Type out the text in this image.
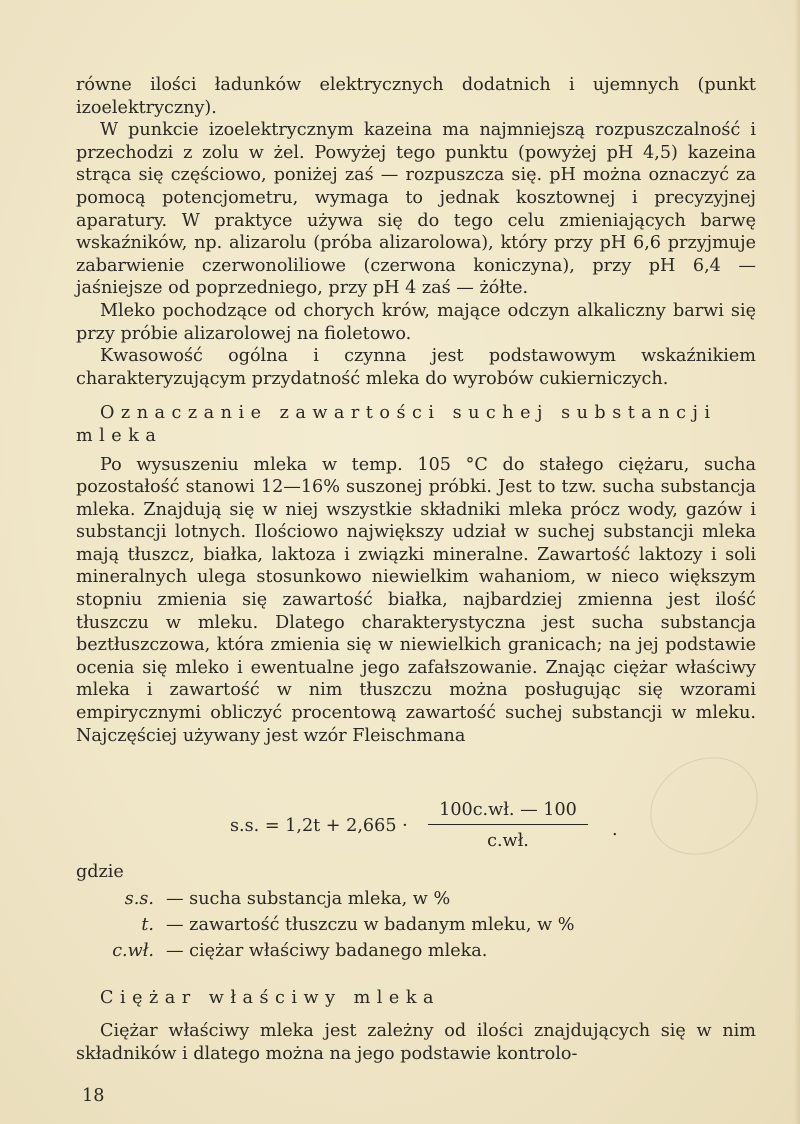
równe ilości ładunków elektrycznych dodatnich i ujemnych (punkt izoelektryczny).

W punkcie izoelektrycznym kazeina ma najmniejszą rozpuszczalność i przechodzi z zolu w żel. Powyżej tego punktu (powyżej pH 4,5) kazeina strąca się częściowo, poniżej zaś — rozpuszcza się. pH można oznaczyć za pomocą potencjometru, wymaga to jednak kosztownej i precyzyjnej aparatury. W praktyce używa się do tego celu zmieniających barwę wskaźników, np. alizarolu (próba alizarolowa), który przy pH 6,6 przyjmuje zabarwienie czerwonoliliowe (czerwona koniczyna), przy pH 6,4 — jaśniejsze od poprzedniego, przy pH 4 zaś — żółte.

Mleko pochodzące od chorych krów, mające odczyn alkaliczny barwi się przy próbie alizarolowej na fioletowo.

Kwasowość ogólna i czynna jest podstawowym wskaźnikiem charakteryzującym przydatność mleka do wyrobów cukierniczych.

Oznaczanie zawartości suchej substancji mleka

Po wysuszeniu mleka w temp. 105 °C do stałego ciężaru, sucha pozostałość stanowi 12—16% suszonej próbki. Jest to tzw. sucha substancja mleka. Znajdują się w niej wszystkie składniki mleka prócz wody, gazów i substancji lotnych. Ilościowo największy udział w suchej substancji mleka mają tłuszcz, białka, laktoza i związki mineralne. Zawartość laktozy i soli mineralnych ulega stosunkowo niewielkim wahaniom, w nieco większym stopniu zmienia się zawartość białka, najbardziej zmienna jest ilość tłuszczu w mleku. Dlatego charakterystyczna jest sucha substancja beztłuszczowa, która zmienia się w niewielkich granicach; na jej podstawie ocenia się mleko i ewentualne jego zafałszowanie. Znając ciężar właściwy mleka i zawartość w nim tłuszczu można posługując się wzorami empirycznymi obliczyć procentową zawartość suchej substancji w mleku. Najczęściej używany jest wzór Fleischmana

s.s. = 1,2t + 2,665 ·
100c.wł. — 100
c.wł.
.
gdzie
s.s. — sucha substancja mleka, w %
t. — zawartość tłuszczu w badanym mleku, w %
c.wł. — ciężar właściwy badanego mleka.
Ciężar właściwy mleka

Ciężar właściwy mleka jest zależny od ilości znajdujących się w nim składników i dlatego można na jego podstawie kontrolo-

18
